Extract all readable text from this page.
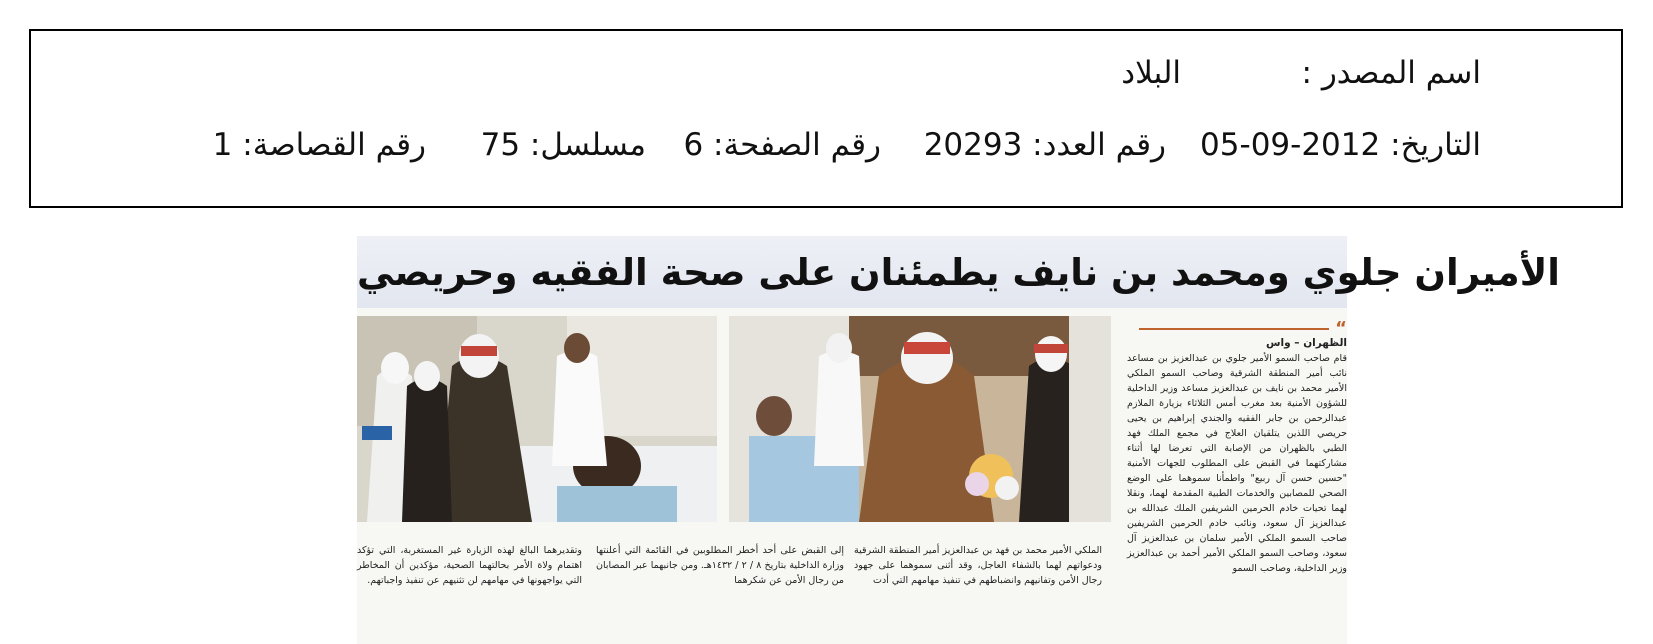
اسم المصدر :
البلاد
التاريخ: 2012-09-05
رقم العدد: 20293
رقم الصفحة: 6
مسلسل: 75
رقم القصاصة: 1
الأميران جلوي ومحمد بن نايف يطمئنان على صحة الفقيه وحريصي
“
الظهران – واس
قام صاحب السمو الأمير جلوي بن عبدالعزيز بن مساعد نائب أمير المنطقة الشرقية وصاحب السمو الملكي الأمير محمد بن نايف بن عبدالعزيز مساعد وزير الداخلية للشؤون الأمنية بعد مغرب أمس الثلاثاء بزيارة الملازم عبدالرحمن بن جابر الفقيه والجندي إبراهيم بن يحيى حريصي اللذين يتلقيان العلاج في مجمع الملك فهد الطبي بالظهران من الإصابة التي تعرضا لها أثناء مشاركتهما في القبض على المطلوب للجهات الأمنية "حسين حسن آل ربيع" واطمأنا سموهما على الوضع الصحي للمصابين والخدمات الطبية المقدمة لهما، ونقلا لهما تحيات خادم الحرمين الشريفين الملك عبدالله بن عبدالعزيز آل سعود، ونائب خادم الحرمين الشريفين صاحب السمو الملكي الأمير سلمان بن عبدالعزيز آل سعود، وصاحب السمو الملكي الأمير أحمد بن عبدالعزيز وزير الداخلية، وصاحب السمو
الملكي الأمير محمد بن فهد بن عبدالعزيز أمير المنطقة الشرقية ودعواتهم لهما بالشفاء العاجل، وقد أثنى سموهما على جهود رجال الأمن وتفانيهم وانضباطهم في تنفيذ مهامهم التي أدت
إلى القبض على أحد أخطر المطلوبين في القائمة التي أعلنتها وزارة الداخلية بتاريخ ٨ / ٢ / ١٤٣٢هـ. ومن جانبهما عبر المصابان من رجال الأمن عن شكرهما
وتقديرهما البالغ لهذه الزيارة غير المستغربة، التي تؤكد اهتمام ولاة الأمر بحالتهما الصحية، مؤكدين أن المخاطر التي يواجهونها في مهامهم لن تثنيهم عن تنفيذ واجباتهم.
